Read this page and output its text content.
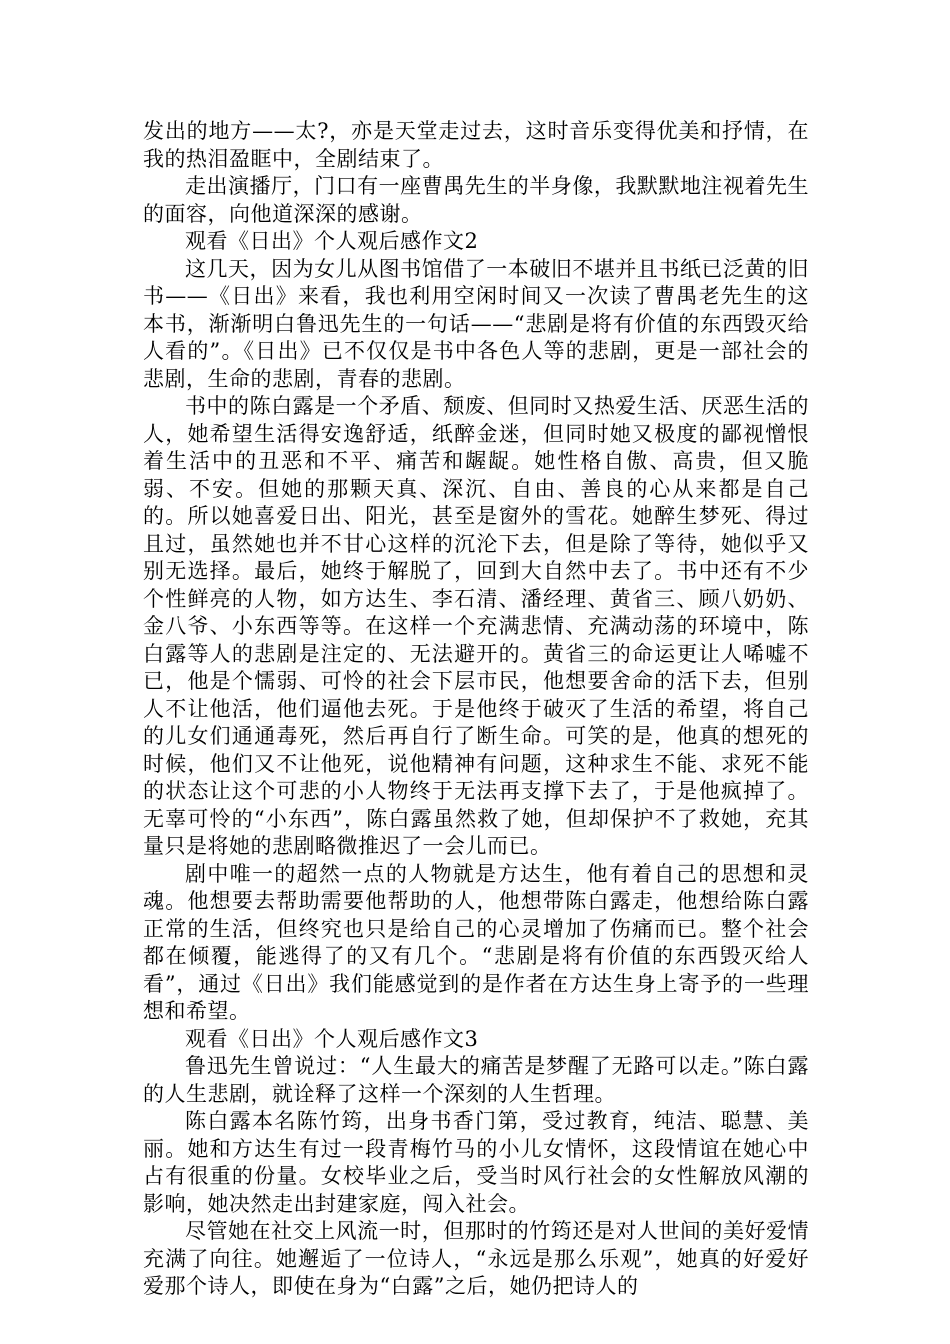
发出的地方——太?，亦是天堂走过去，这时音乐变得优美和抒情，在我的热泪盈眶中，全剧结束了。

走出演播厅，门口有一座曹禺先生的半身像，我默默地注视着先生的面容，向他道深深的感谢。

观看《日出》个人观后感作文2

这几天，因为女儿从图书馆借了一本破旧不堪并且书纸已泛黄的旧书——《日出》来看，我也利用空闲时间又一次读了曹禺老先生的这本书，渐渐明白鲁迅先生的一句话——“悲剧是将有价值的东西毁灭给人看的”。《日出》已不仅仅是书中各色人等的悲剧，更是一部社会的悲剧，生命的悲剧，青春的悲剧。

书中的陈白露是一个矛盾、颓废、但同时又热爱生活、厌恶生活的人，她希望生活得安逸舒适，纸醉金迷，但同时她又极度的鄙视憎恨着生活中的丑恶和不平、痛苦和龌龊。她性格自傲、高贵，但又脆弱、不安。但她的那颗天真、深沉、自由、善良的心从来都是自己的。所以她喜爱日出、阳光，甚至是窗外的雪花。她醉生梦死、得过且过，虽然她也并不甘心这样的沉沦下去，但是除了等待，她似乎又别无选择。最后，她终于解脱了，回到大自然中去了。书中还有不少个性鲜亮的人物，如方达生、李石清、潘经理、黄省三、顾八奶奶、金八爷、小东西等等。在这样一个充满悲情、充满动荡的环境中，陈白露等人的悲剧是注定的、无法避开的。黄省三的命运更让人唏嘘不已，他是个懦弱、可怜的社会下层市民，他想要舍命的活下去，但别人不让他活，他们逼他去死。于是他终于破灭了生活的希望，将自己的儿女们通通毒死，然后再自行了断生命。可笑的是，他真的想死的时候，他们又不让他死，说他精神有问题，这种求生不能、求死不能的状态让这个可悲的小人物终于无法再支撑下去了，于是他疯掉了。无辜可怜的“小东西”，陈白露虽然救了她，但却保护不了救她，充其量只是将她的悲剧略微推迟了一会儿而已。

剧中唯一的超然一点的人物就是方达生，他有着自己的思想和灵魂。他想要去帮助需要他帮助的人，他想带陈白露走，他想给陈白露正常的生活，但终究也只是给自己的心灵增加了伤痛而已。整个社会都在倾覆，能逃得了的又有几个。“悲剧是将有价值的东西毁灭给人看”，通过《日出》我们能感觉到的是作者在方达生身上寄予的一些理想和希望。

观看《日出》个人观后感作文3

鲁迅先生曾说过：“人生最大的痛苦是梦醒了无路可以走。”陈白露的人生悲剧，就诠释了这样一个深刻的人生哲理。

陈白露本名陈竹筠，出身书香门第，受过教育，纯洁、聪慧、美丽。她和方达生有过一段青梅竹马的小儿女情怀，这段情谊在她心中占有很重的份量。女校毕业之后，受当时风行社会的女性解放风潮的影响，她决然走出封建家庭，闯入社会。

尽管她在社交上风流一时，但那时的竹筠还是对人世间的美好爱情充满了向往。她邂逅了一位诗人，“永远是那么乐观”，她真的好爱好爱那个诗人，即使在身为“白露”之后，她仍把诗人的
